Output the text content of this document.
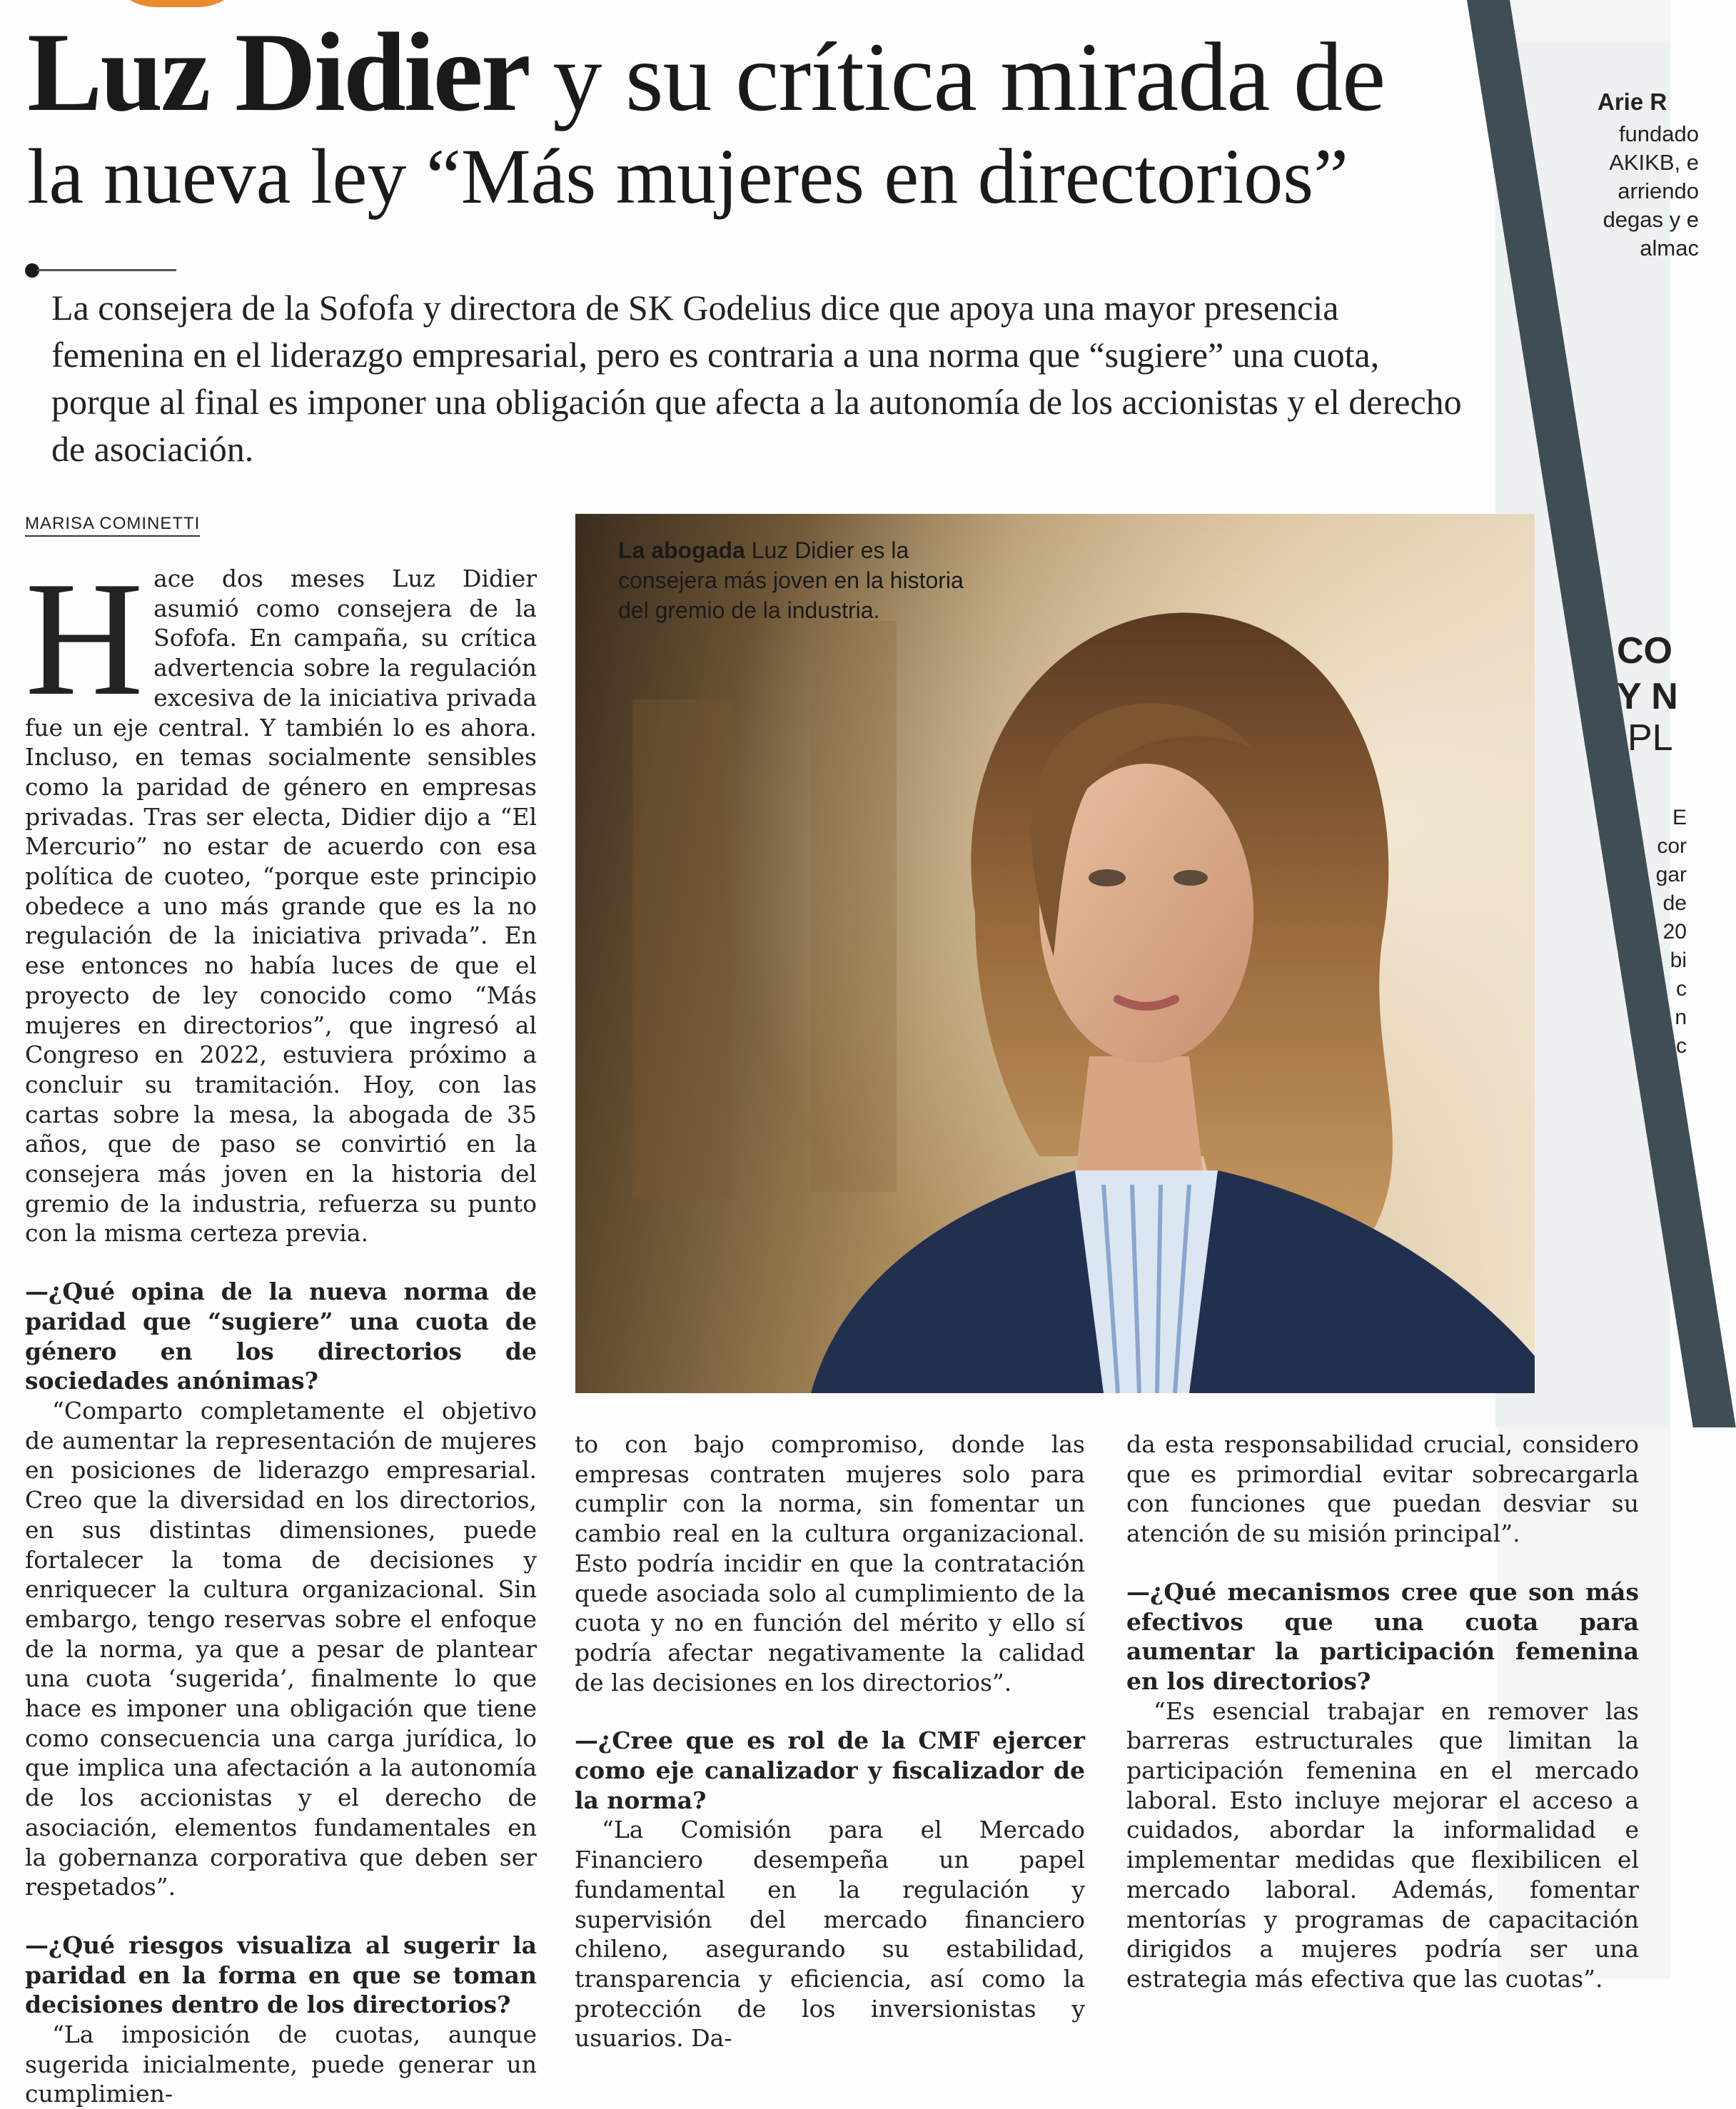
Arie R
fundado
AKIKB, e
arriendo
degas y e
almac
CO
Y N
PL
E
cor
gar
de
20
bi
c
n
c
Luz Didier y su crítica mirada de
la nueva ley “Más mujeres en directorios”

La consejera de la Sofofa y directora de SK Godelius dice que apoya una mayor presencia femenina en el liderazgo empresarial, pero es contraria a una norma que “sugiere” una cuota, porque al final es imponer una obligación que afecta a la autonomía de los accionistas y el derecho de asociación.

MARISA COMINETTI
La abogada Luz Didier es la consejera más joven en la historia del gremio de la industria.

Hace dos meses Luz Didier asumió como consejera de la Sofofa. En campaña, su crítica advertencia sobre la regulación excesiva de la iniciativa privada fue un eje central. Y también lo es ahora. Incluso, en temas socialmente sensibles como la paridad de género en empresas privadas. Tras ser electa, Didier dijo a “El Mercurio” no estar de acuerdo con esa política de cuoteo, “porque este principio obedece a uno más grande que es la no regulación de la iniciativa privada”. En ese entonces no había luces de que el proyecto de ley conocido como “Más mujeres en directorios”, que ingresó al Congreso en 2022, estuviera próximo a concluir su tramitación. Hoy, con las cartas sobre la mesa, la abogada de 35 años, que de paso se convirtió en la consejera más joven en la historia del gremio de la industria, refuerza su punto con la misma certeza previa.

—¿Qué opina de la nueva norma de paridad que “sugiere” una cuota de género en los directorios de sociedades anónimas?

“Comparto completamente el objetivo de aumentar la representación de mujeres en posiciones de liderazgo empresarial. Creo que la diversidad en los directorios, en sus distintas dimensiones, puede fortalecer la toma de decisiones y enriquecer la cultura organizacional. Sin embargo, tengo reservas sobre el enfoque de la norma, ya que a pesar de plantear una cuota ‘sugerida’, finalmente lo que hace es imponer una obligación que tiene como consecuencia una carga jurídica, lo que implica una afectación a la autonomía de los accionistas y el derecho de asociación, elementos fundamentales en la gobernanza corporativa que deben ser respetados”.

—¿Qué riesgos visualiza al sugerir la paridad en la forma en que se toman decisiones dentro de los directorios?

“La imposición de cuotas, aunque sugerida inicialmente, puede generar un cumplimien-

to con bajo compromiso, donde las empresas contraten mujeres solo para cumplir con la norma, sin fomentar un cambio real en la cultura organizacional. Esto podría incidir en que la contratación quede asociada solo al cumplimiento de la cuota y no en función del mérito y ello sí podría afectar negativamente la calidad de las decisiones en los directorios”.

—¿Cree que es rol de la CMF ejercer como eje canalizador y fiscalizador de la norma?

“La Comisión para el Mercado Financiero desempeña un papel fundamental en la regulación y supervisión del mercado financiero chileno, asegurando su estabilidad, transparencia y eficiencia, así como la protección de los inversionistas y usuarios. Da-

da esta responsabilidad crucial, considero que es primordial evitar sobrecargarla con funciones que puedan desviar su atención de su misión principal”.

—¿Qué mecanismos cree que son más efectivos que una cuota para aumentar la participación femenina en los directorios?

“Es esencial trabajar en remover las barreras estructurales que limitan la participación femenina en el mercado laboral. Esto incluye mejorar el acceso a cuidados, abordar la informalidad e implementar medidas que flexibilicen el mercado laboral. Además, fomentar mentorías y programas de capacitación dirigidos a mujeres podría ser una estrategia más efectiva que las cuotas”.
